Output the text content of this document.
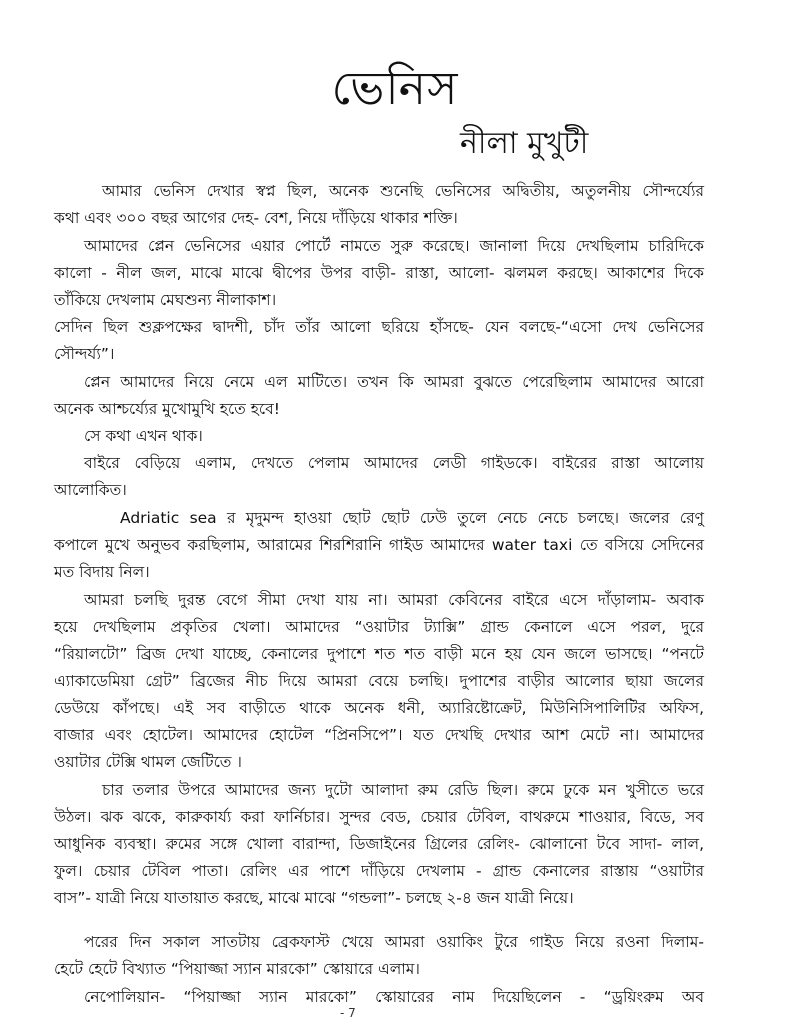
ভেনিস
নীলা মুখুটী
আমার ভেনিস দেখার স্বপ্ন ছিল, অনেক শুনেছি ভেনিসের অদ্বিতীয়, অতুলনীয় সৌন্দর্য্যের
কথা এবং ৩০০ বছর আগের দেহ- বেশ, নিয়ে দাঁড়িয়ে থাকার শক্তি।
আমাদের প্লেন ভেনিসের এয়ার পোর্টে নামতে সুরু করেছে। জানালা দিয়ে দেখছিলাম চারিদিকে
কালো - নীল জল, মাঝে মাঝে দ্বীপের উপর বাড়ী- রাস্তা, আলো- ঝলমল করছে। আকাশের দিকে
তাঁকিয়ে দেখলাম মেঘশুন্য নীলাকাশ।
সেদিন ছিল শুক্লপক্ষের দ্বাদশী, চাঁদ তাঁর আলো ছরিয়ে হাঁসছে- যেন বলছে-“এসো দেখ ভেনিসের
সৌন্দর্য্য”।
প্লেন আমাদের নিয়ে নেমে এল মাটিতে। তখন কি আমরা বুঝতে পেরেছিলাম আমাদের আরো
অনেক আশ্চর্য্যের মুখোমুখি হতে হবে!
সে কথা এখন থাক।
বাইরে বেড়িয়ে এলাম, দেখতে পেলাম আমাদের লেডী গাইডকে। বাইরের রাস্তা আলোয়
আলোকিত।
Adriatic sea র মৃদুমন্দ হাওয়া ছোট ছোট ঢেউ তুলে নেচে নেচে চলছে। জলের রেণু
কপালে মুখে অনুভব করছিলাম, আরামের শিরশিরানি গাইড আমাদের water taxi তে বসিয়ে সেদিনের
মত বিদায় নিল।
আমরা চলছি দুরন্ত বেগে সীমা দেখা যায় না। আমরা কেবিনের বাইরে এসে দাঁড়ালাম- অবাক
হয়ে দেখছিলাম প্রকৃতির খেলা। আমাদের “ওয়াটার ট্যাক্সি” গ্রান্ড কেনালে এসে পরল, দুরে
“রিয়ালটো” ব্রিজ দেখা যাচ্ছে, কেনালের দুপাশে শত শত বাড়ী মনে হয় যেন জলে ভাসছে। “পনটে
এ্যাকাডেমিয়া গ্রেট” ব্রিজের নীচ দিয়ে আমরা বেয়ে চলছি। দুপাশের বাড়ীর আলোর ছায়া জলের
ডেউয়ে কাঁপছে। এই সব বাড়ীতে থাকে অনেক ধনী, অ্যারিষ্টোক্রেট, মিউনিসিপালিটির অফিস,
বাজার এবং হোটেল। আমাদের হোটেল “প্রিনসিপে”। যত দেখছি দেখার আশ মেটে না। আমাদের
ওয়াটার টেক্সি থামল জেটিতে ।
চার তলার উপরে আমাদের জন্য দুটো আলাদা রুম রেডি ছিল। রুমে ঢুকে মন খুসীতে ভরে
উঠল। ঝক ঝকে, কারুকার্য্য করা ফার্নিচার। সুন্দর বেড, চেয়ার টেবিল, বাথরুমে শাওয়ার, বিডে, সব
আধুনিক ব্যবস্থা। রুমের সঙ্গে খোলা বারান্দা, ডিজাইনের গ্রিলের রেলিং- ঝোলানো টবে সাদা- লাল,
ফুল। চেয়ার টেবিল পাতা। রেলিং এর পাশে দাঁড়িয়ে দেখলাম - গ্রান্ড কেনালের রাস্তায় “ওয়াটার
বাস”- যাত্রী নিয়ে যাতায়াত করছে, মাঝে মাঝে “গন্ডলা”- চলছে ২-৪ জন যাত্রী নিয়ে।
পরের দিন সকাল সাতটায় ব্রেকফাস্ট খেয়ে আমরা ওয়াকিং টুরে গাইড নিয়ে রওনা দিলাম-
হেটে হেটে বিখ্যাত “পিয়াজ্জা স্যান মারকো” স্কোয়ারে এলাম।
নেপোলিয়ান- “পিয়াজ্জা স্যান মারকো” স্কোয়ারের নাম দিয়েছিলেন - “ড্রয়িংরুম অব
- 7
